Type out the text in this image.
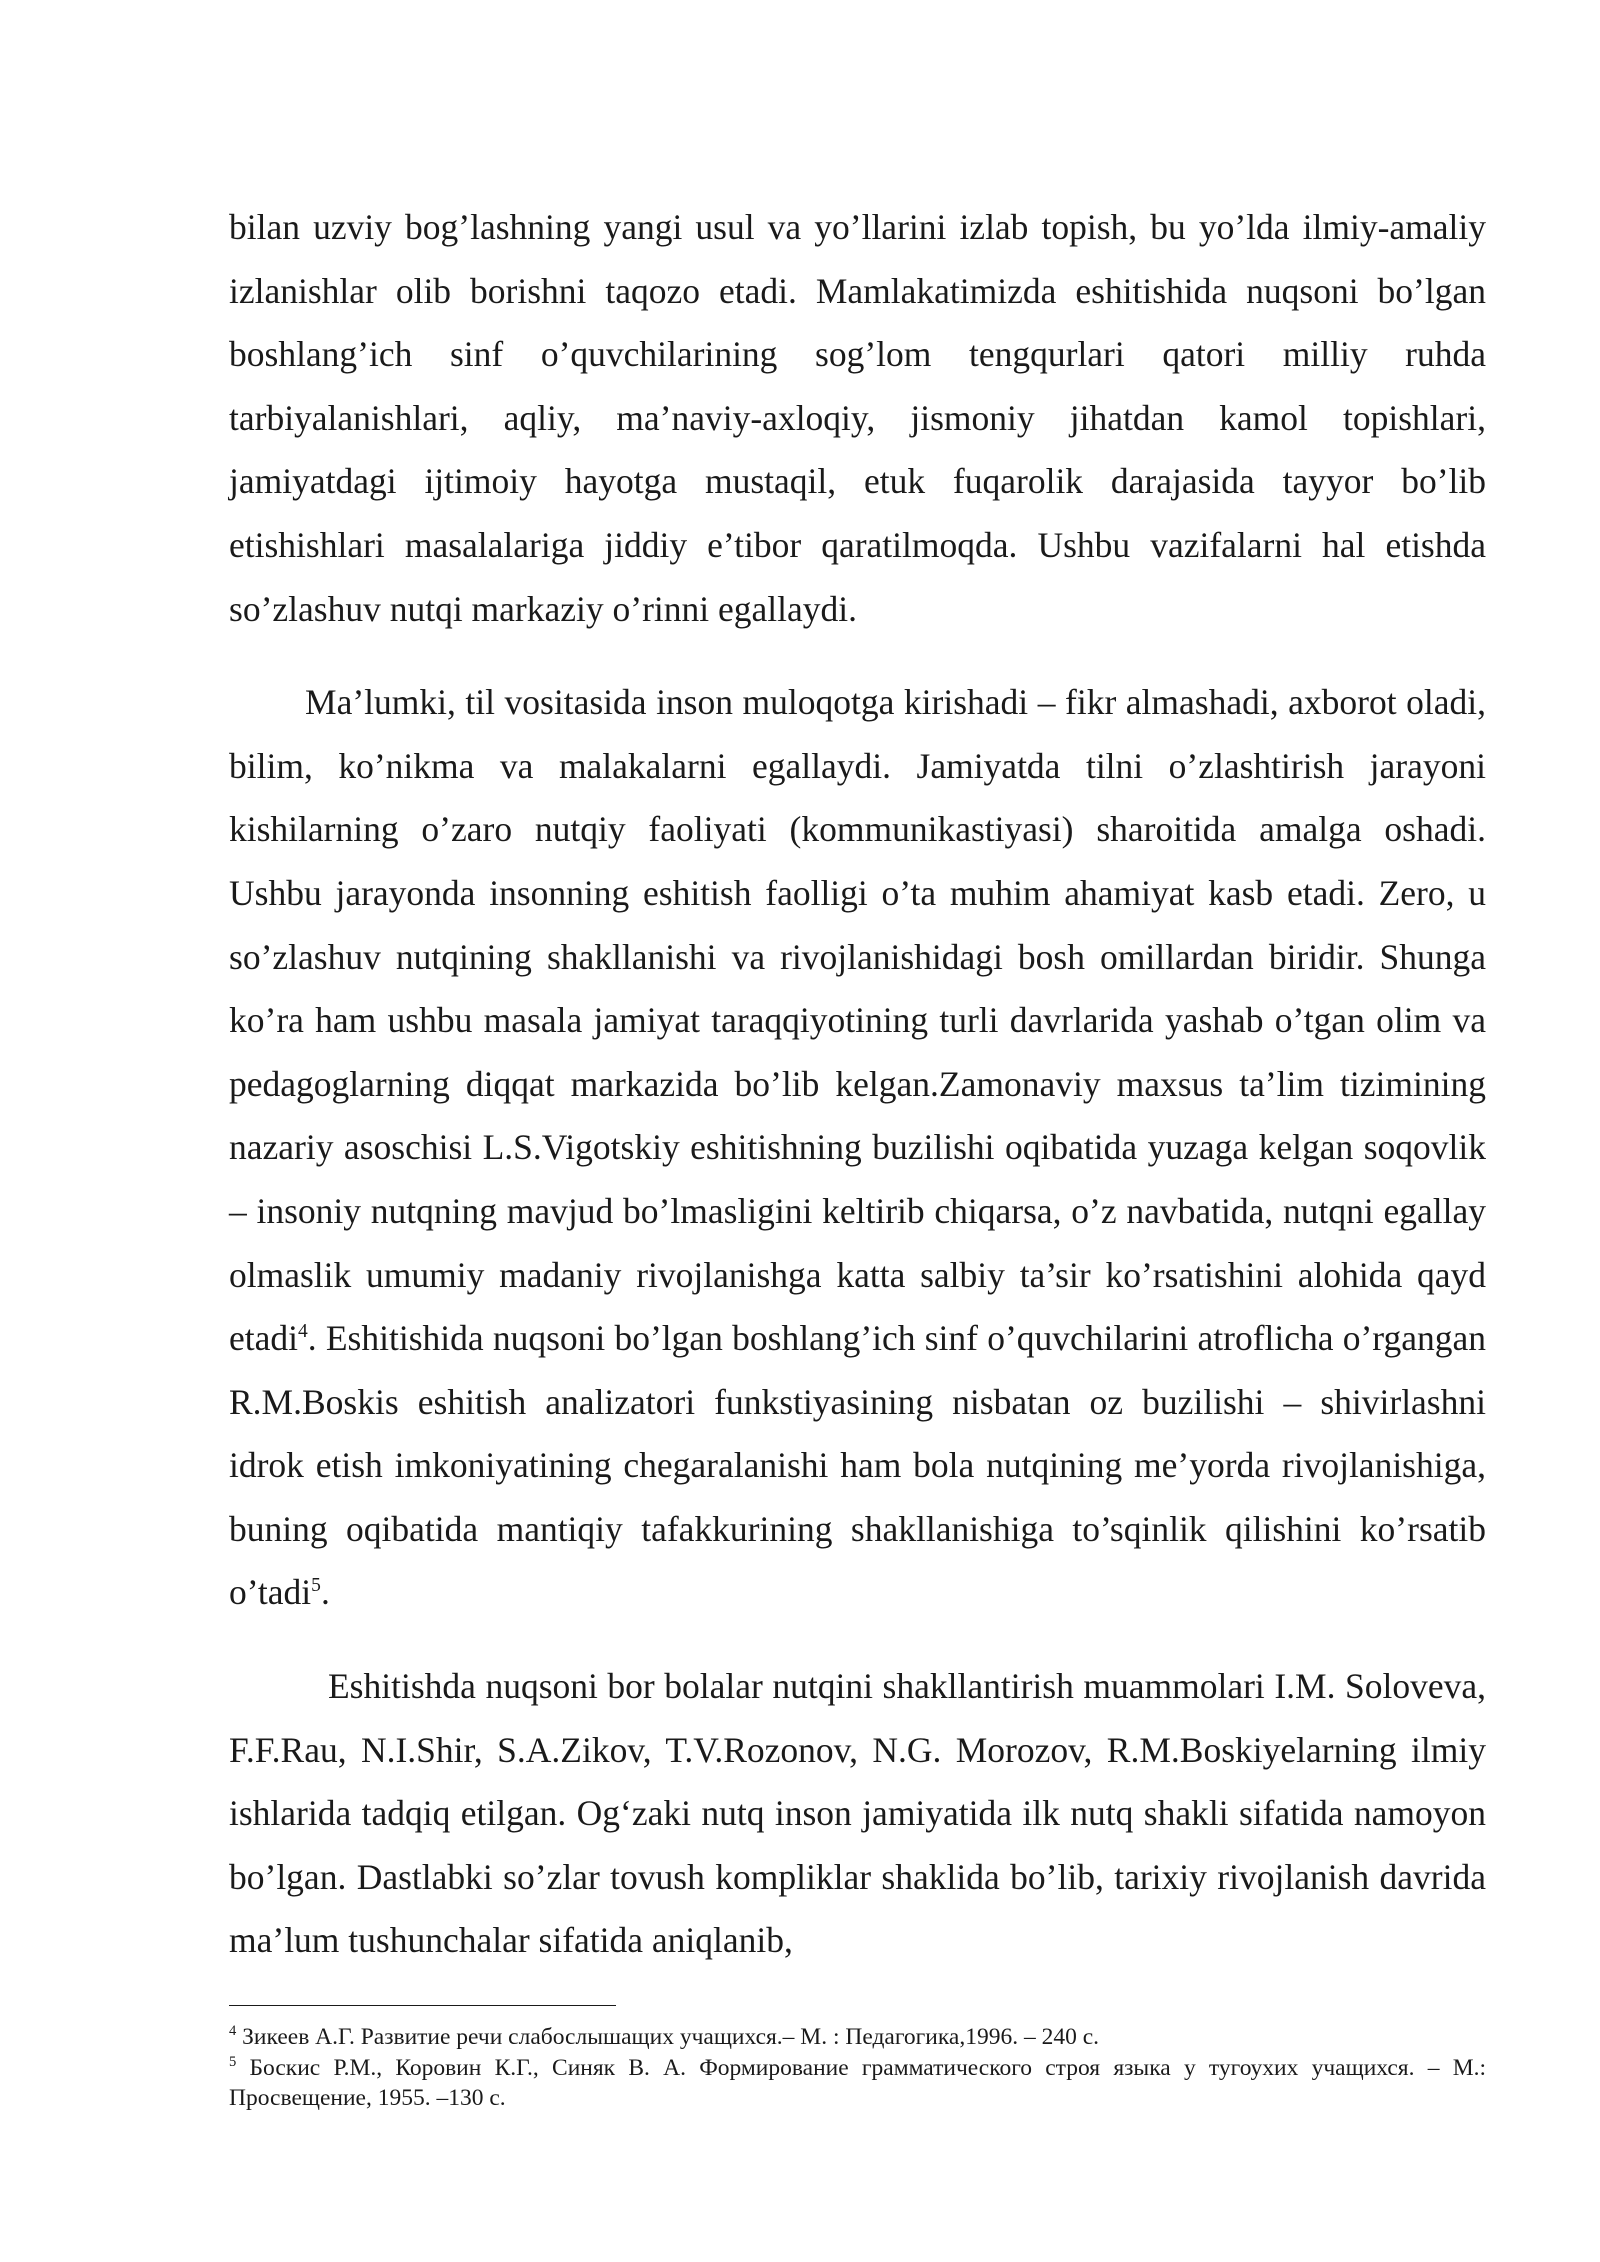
bilan uzviy bog’lashning yangi usul va yo’llarini izlab topish, bu yo’lda ilmiy-amaliy izlanishlar olib borishni taqozo etadi. Mamlakatimizda eshitishida nuqsoni bo’lgan boshlang’ich sinf o’quvchilarining sog’lom tengqurlari qatori milliy ruhda tarbiyalanishlari, aqliy, ma’naviy-axloqiy, jismoniy jihatdan kamol topishlari, jamiyatdagi ijtimoiy hayotga mustaqil, etuk fuqarolik darajasida tayyor bo’lib etishishlari masalalariga jiddiy e’tibor qaratilmoqda. Ushbu vazifalarni hal etishda so’zlashuv nutqi markaziy o’rinni egallaydi.

Ma’lumki, til vositasida inson muloqotga kirishadi – fikr almashadi, axborot oladi, bilim, ko’nikma va malakalarni egallaydi. Jamiyatda tilni o’zlashtirish jarayoni kishilarning o’zaro nutqiy faoliyati (kommunikastiyasi) sharoitida amalga oshadi. Ushbu jarayonda insonning eshitish faolligi o’ta muhim ahamiyat kasb etadi. Zero, u so’zlashuv nutqining shakllanishi va rivojlanishidagi bosh omillardan biridir. Shunga ko’ra ham ushbu masala jamiyat taraqqiyotining turli davrlarida yashab o’tgan olim va pedagoglarning diqqat markazida bo’lib kelgan.Zamonaviy maxsus ta’lim tizimining nazariy asoschisi L.S.Vigotskiy eshitishning buzilishi oqibatida yuzaga kelgan soqovlik – insoniy nutqning mavjud bo’lmasligini keltirib chiqarsa, o’z navbatida, nutqni egallay olmaslik umumiy madaniy rivojlanishga katta salbiy ta’sir ko’rsatishini alohida qayd etadi$^4$. Eshitishida nuqsoni bo’lgan boshlang’ich sinf o’quvchilarini atroflicha o’rgangan R.M.Boskis eshitish analizatori funkstiyasining nisbatan oz buzilishi – shivirlashni idrok etish imkoniyatining chegaralanishi ham bola nutqining me’yorda rivojlanishiga, buning oqibatida mantiqiy tafakkurining shakllanishiga to’sqinlik qilishini ko’rsatib o’tadi$^5$.

Eshitishda nuqsoni bor bolalar nutqini shakllantirish muammolari I.M. Soloveva, F.F.Rau, N.I.Shir, S.A.Zikov, T.V.Rozonov, N.G. Morozov, R.M.Boskiyelarning ilmiy ishlarida tadqiq etilgan. Og‘zaki nutq inson jamiyatida ilk nutq shakli sifatida namoyon bo’lgan. Dastlabki so’zlar tovush kompliklar shaklida bo’lib, tarixiy rivojlanish davrida ma’lum tushunchalar sifatida aniqlanib,

$^4$ Зикеев А.Г. Развитие речи слабослышащих учащихся.– М. : Педагогика,1996. – 240 с.

$^5$ Боскис Р.М., Коровин К.Г., Синяк В. А. Формирование грамматического строя языка у тугоухих учащихся. – М.: Просвещение, 1955. –130 с.
